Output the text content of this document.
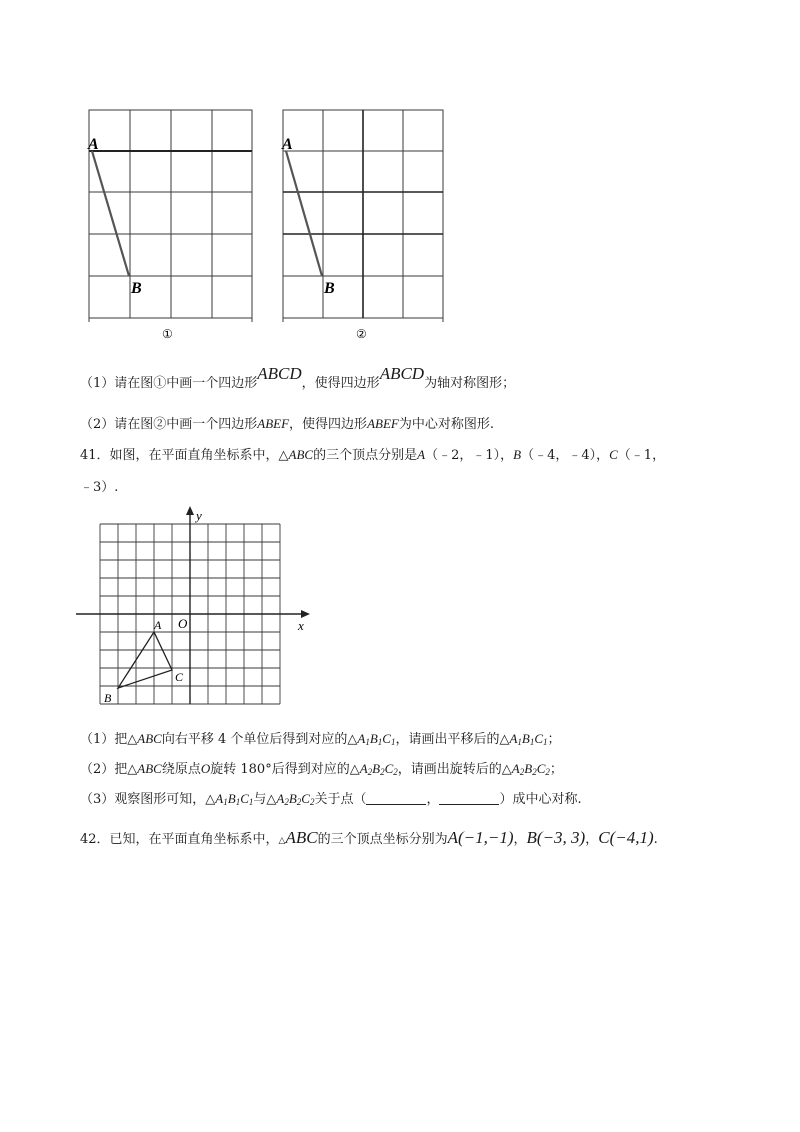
A
B
①
A
B
②
（1）请在图①中画一个四边形ABCD，使得四边形ABCD为轴对称图形；
（2）请在图②中画一个四边形ABEF，使得四边形ABEF为中心对称图形.
41．如图，在平面直角坐标系中，△ABC的三个顶点分别是A（﹣2，﹣1），B（﹣4，﹣4），C（﹣1，
﹣3）.
y
x
O
A
B
C
（1）把△ABC向右平移 4 个单位后得到对应的$\triangle A_1B_1C_1$，请画出平移后的$\triangle A_1B_1C_1$；
（2）把△ABC绕原点O旋转 180°后得到对应的$\triangle A_2B_2C_2$，请画出旋转后的$\triangle A_2B_2C_2$；
（3）观察图形可知，$\triangle A_1B_1C_1$与$\triangle A_2B_2C_2$关于点（	，	）成中心对称.
42．已知，在平面直角坐标系中，△ABC的三个顶点坐标分别为A(−1,−1)，B(−3, 3)，C(−4,1).
